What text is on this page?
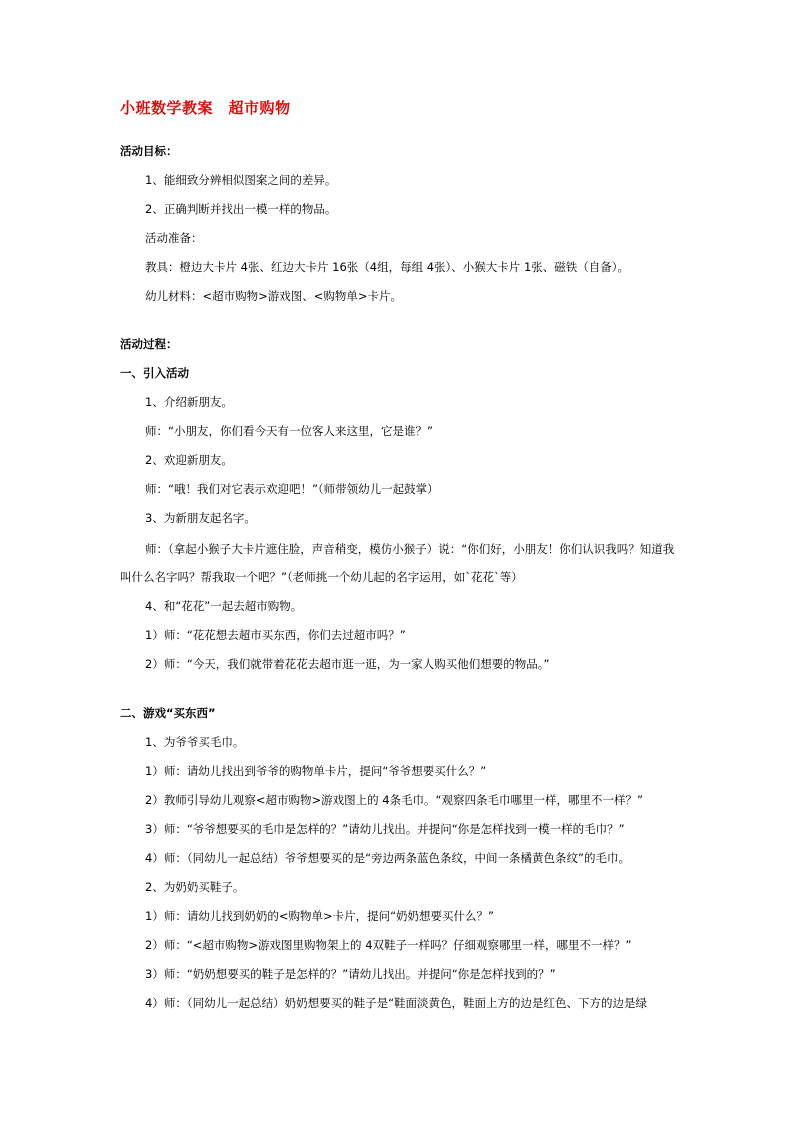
小班数学教案　超市购物
活动目标：
1、能细致分辨相似图案之间的差异。
2、正确判断并找出一模一样的物品。
活动准备：
教具：橙边大卡片 4张、红边大卡片 16张（4组，每组 4张）、小猴大卡片 1张、磁铁（自备）。
幼儿材料：<超市购物>游戏图、<购物单>卡片。
活动过程：
一、引入活动
1、介绍新朋友。
师：“小朋友，你们看今天有一位客人来这里，它是谁？”
2、欢迎新朋友。
师：“哦！我们对它表示欢迎吧！”（师带领幼儿一起鼓掌）
3、为新朋友起名字。
师：（拿起小猴子大卡片遮住脸，声音稍变，模仿小猴子）说：“你们好，小朋友！你们认识我吗？知道我叫什么名字吗？帮我取一个吧？”（老师挑一个幼儿起的名字运用，如`花花`等）
4、和“花花”一起去超市购物。
1）师：“花花想去超市买东西，你们去过超市吗？”
2）师：“今天，我们就带着花花去超市逛一逛，为一家人购买他们想要的物品。”
二、游戏“买东西”
1、为爷爷买毛巾。
1）师：请幼儿找出到爷爷的购物单卡片，提问“爷爷想要买什么？”
2）教师引导幼儿观察<超市购物>游戏图上的 4条毛巾。“观察四条毛巾哪里一样，哪里不一样？”
3）师：“爷爷想要买的毛巾是怎样的？”请幼儿找出。并提问“你是怎样找到一模一样的毛巾？”
4）师：（同幼儿一起总结）爷爷想要买的是“旁边两条蓝色条纹，中间一条橘黄色条纹”的毛巾。
2、为奶奶买鞋子。
1）师：请幼儿找到奶奶的<购物单>卡片，提问“奶奶想要买什么？”
2）师：“<超市购物>游戏图里购物架上的 4双鞋子一样吗？仔细观察哪里一样，哪里不一样？”
3）师：“奶奶想要买的鞋子是怎样的？”请幼儿找出。并提问“你是怎样找到的？”
4）师：（同幼儿一起总结）奶奶想要买的鞋子是“鞋面淡黄色，鞋面上方的边是红色、下方的边是绿
